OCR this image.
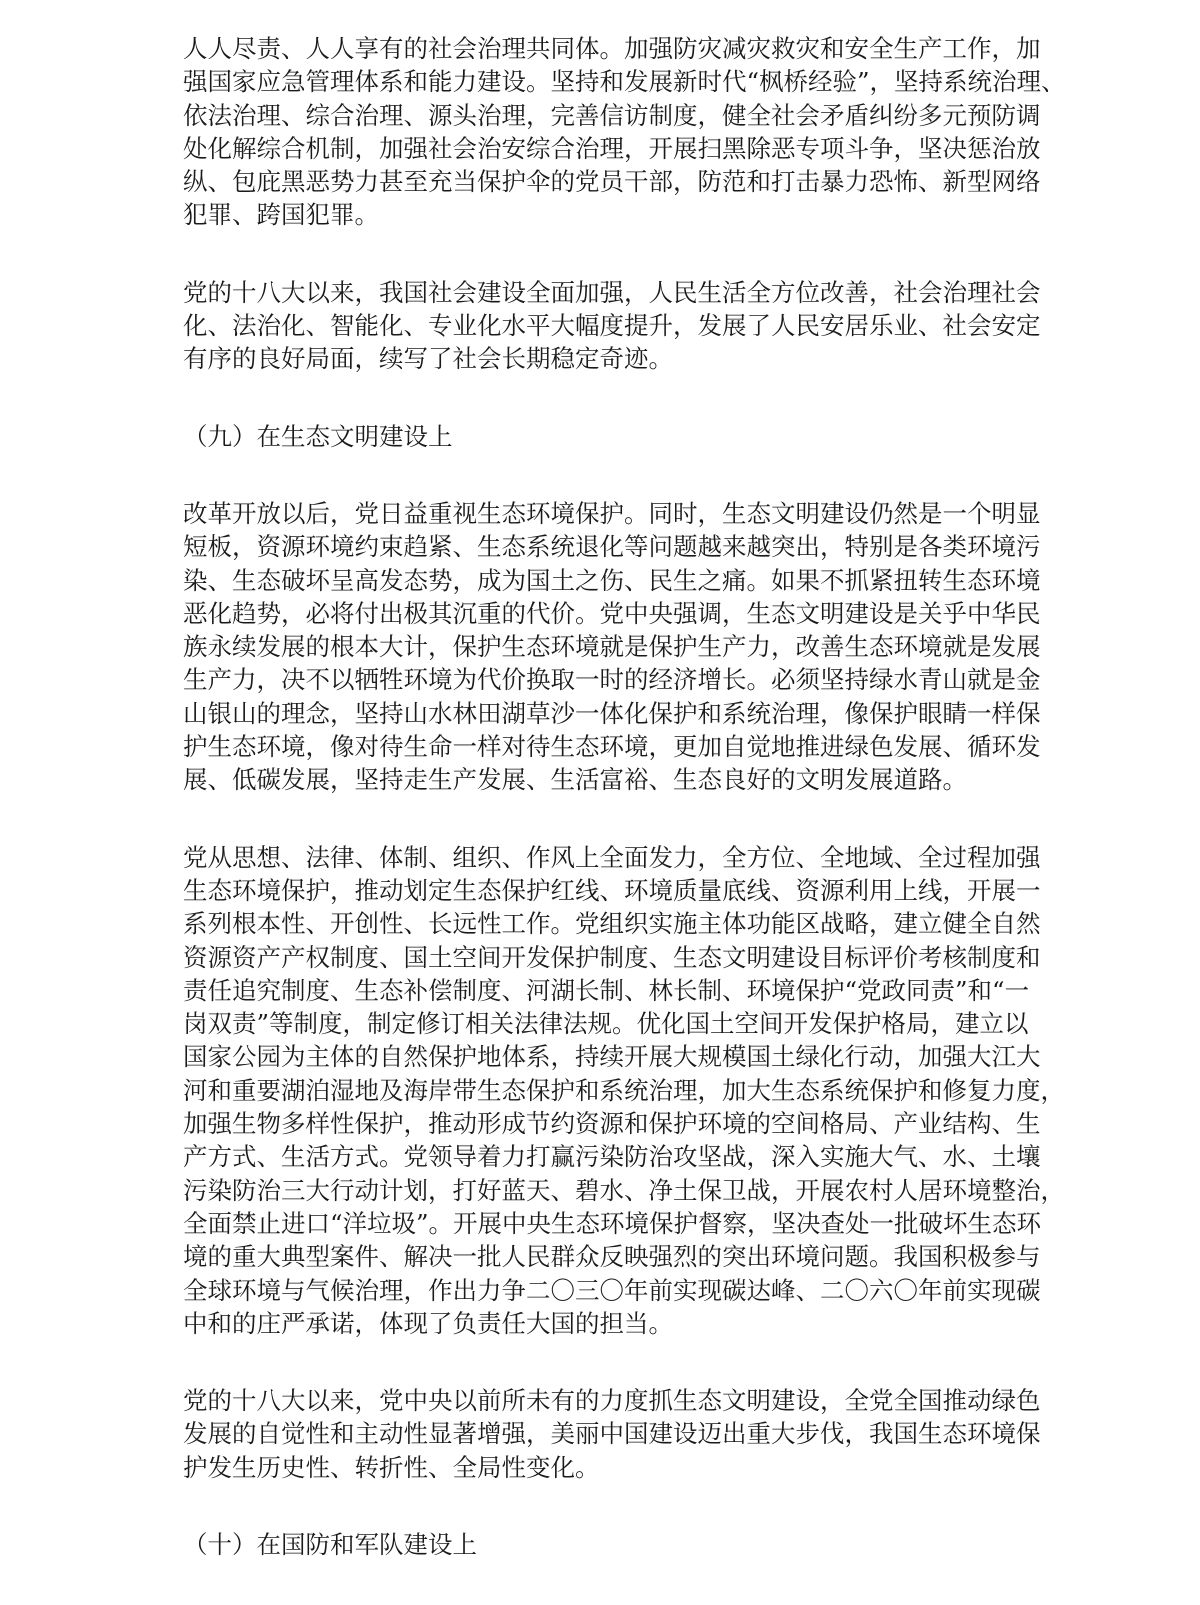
人人尽责、人人享有的社会治理共同体。加强防灾减灾救灾和安全生产工作，加
强国家应急管理体系和能力建设。坚持和发展新时代“枫桥经验”，坚持系统治理、
依法治理、综合治理、源头治理，完善信访制度，健全社会矛盾纠纷多元预防调
处化解综合机制，加强社会治安综合治理，开展扫黑除恶专项斗争，坚决惩治放
纵、包庇黑恶势力甚至充当保护伞的党员干部，防范和打击暴力恐怖、新型网络
犯罪、跨国犯罪。
党的十八大以来，我国社会建设全面加强，人民生活全方位改善，社会治理社会
化、法治化、智能化、专业化水平大幅度提升，发展了人民安居乐业、社会安定
有序的良好局面，续写了社会长期稳定奇迹。
（九）在生态文明建设上
改革开放以后，党日益重视生态环境保护。同时，生态文明建设仍然是一个明显
短板，资源环境约束趋紧、生态系统退化等问题越来越突出，特别是各类环境污
染、生态破坏呈高发态势，成为国土之伤、民生之痛。如果不抓紧扭转生态环境
恶化趋势，必将付出极其沉重的代价。党中央强调，生态文明建设是关乎中华民
族永续发展的根本大计，保护生态环境就是保护生产力，改善生态环境就是发展
生产力，决不以牺牲环境为代价换取一时的经济增长。必须坚持绿水青山就是金
山银山的理念，坚持山水林田湖草沙一体化保护和系统治理，像保护眼睛一样保
护生态环境，像对待生命一样对待生态环境，更加自觉地推进绿色发展、循环发
展、低碳发展，坚持走生产发展、生活富裕、生态良好的文明发展道路。
党从思想、法律、体制、组织、作风上全面发力，全方位、全地域、全过程加强
生态环境保护，推动划定生态保护红线、环境质量底线、资源利用上线，开展一
系列根本性、开创性、长远性工作。党组织实施主体功能区战略，建立健全自然
资源资产产权制度、国土空间开发保护制度、生态文明建设目标评价考核制度和
责任追究制度、生态补偿制度、河湖长制、林长制、环境保护“党政同责”和“一
岗双责”等制度，制定修订相关法律法规。优化国土空间开发保护格局，建立以
国家公园为主体的自然保护地体系，持续开展大规模国土绿化行动，加强大江大
河和重要湖泊湿地及海岸带生态保护和系统治理，加大生态系统保护和修复力度，
加强生物多样性保护，推动形成节约资源和保护环境的空间格局、产业结构、生
产方式、生活方式。党领导着力打赢污染防治攻坚战，深入实施大气、水、土壤
污染防治三大行动计划，打好蓝天、碧水、净土保卫战，开展农村人居环境整治，
全面禁止进口“洋垃圾”。开展中央生态环境保护督察，坚决查处一批破坏生态环
境的重大典型案件、解决一批人民群众反映强烈的突出环境问题。我国积极参与
全球环境与气候治理，作出力争二〇三〇年前实现碳达峰、二〇六〇年前实现碳
中和的庄严承诺，体现了负责任大国的担当。
党的十八大以来，党中央以前所未有的力度抓生态文明建设，全党全国推动绿色
发展的自觉性和主动性显著增强，美丽中国建设迈出重大步伐，我国生态环境保
护发生历史性、转折性、全局性变化。
（十）在国防和军队建设上
